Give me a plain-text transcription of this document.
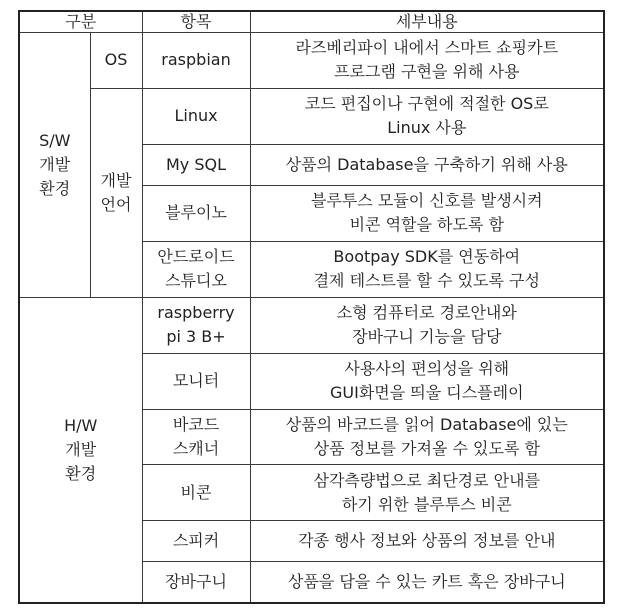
구분		항목	세부내용

S/W
개발
환경	OS	raspbian	라즈베리파이 내에서 스마트 쇼핑카트
프로그램 구현을 위해 사용

	개발
언어	Linux	코드 편집이나 구현에 적절한 OS로
Linux 사용

		My SQL	상품의 Database을 구축하기 위해 사용

		블루이노	블루투스 모듈이 신호를 발생시켜
비콘 역할을 하도록 함

		안드로이드
스튜디오	Bootpay SDK를 연동하여
결제 테스트를 할 수 있도록 구성

H/W
개발
환경		raspberry
pi 3 B+	소형 컴퓨터로 경로안내와
장바구니 기능을 담당

		모니터	사용사의 편의성을 위해
GUI화면을 띄울 디스플레이

		바코드
스캐너	상품의 바코드를 읽어 Database에 있는
상품 정보를 가져올 수 있도록 함

		비콘	삼각측량법으로 최단경로 안내를
하기 위한 블루투스 비콘

		스피커	각종 행사 정보와 상품의 정보를 안내

		장바구니	상품을 담을 수 있는 카트 혹은 장바구니
